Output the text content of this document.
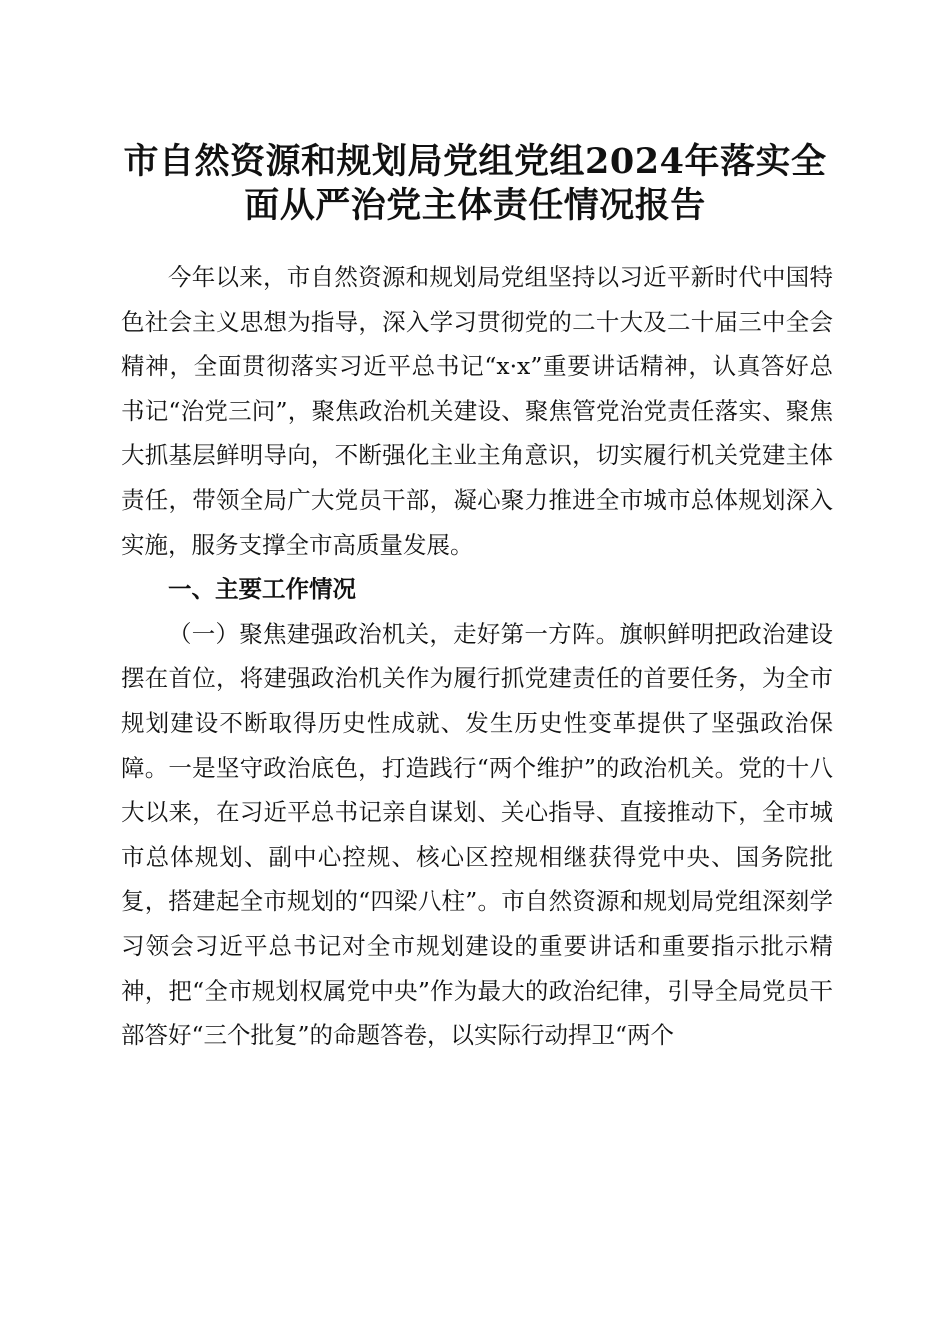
市自然资源和规划局党组党组2024年落实全
面从严治党主体责任情况报告

今年以来，市自然资源和规划局党组坚持以习近平新时代中国特色社会主义思想为指导，深入学习贯彻党的二十大及二十届三中全会精神，全面贯彻落实习近平总书记“x·x”重要讲话精神，认真答好总书记“治党三问”，聚焦政治机关建设、聚焦管党治党责任落实、聚焦大抓基层鲜明导向，不断强化主业主角意识，切实履行机关党建主体责任，带领全局广大党员干部，凝心聚力推进全市城市总体规划深入实施，服务支撑全市高质量发展。

一、主要工作情况

（一）聚焦建强政治机关，走好第一方阵。旗帜鲜明把政治建设摆在首位，将建强政治机关作为履行抓党建责任的首要任务，为全市规划建设不断取得历史性成就、发生历史性变革提供了坚强政治保障。一是坚守政治底色，打造践行“两个维护”的政治机关。党的十八大以来，在习近平总书记亲自谋划、关心指导、直接推动下，全市城市总体规划、副中心控规、核心区控规相继获得党中央、国务院批复，搭建起全市规划的“四梁八柱”。市自然资源和规划局党组深刻学习领会习近平总书记对全市规划建设的重要讲话和重要指示批示精神，把“全市规划权属党中央”作为最大的政治纪律，引导全局党员干部答好“三个批复”的命题答卷，以实际行动捍卫“两个
